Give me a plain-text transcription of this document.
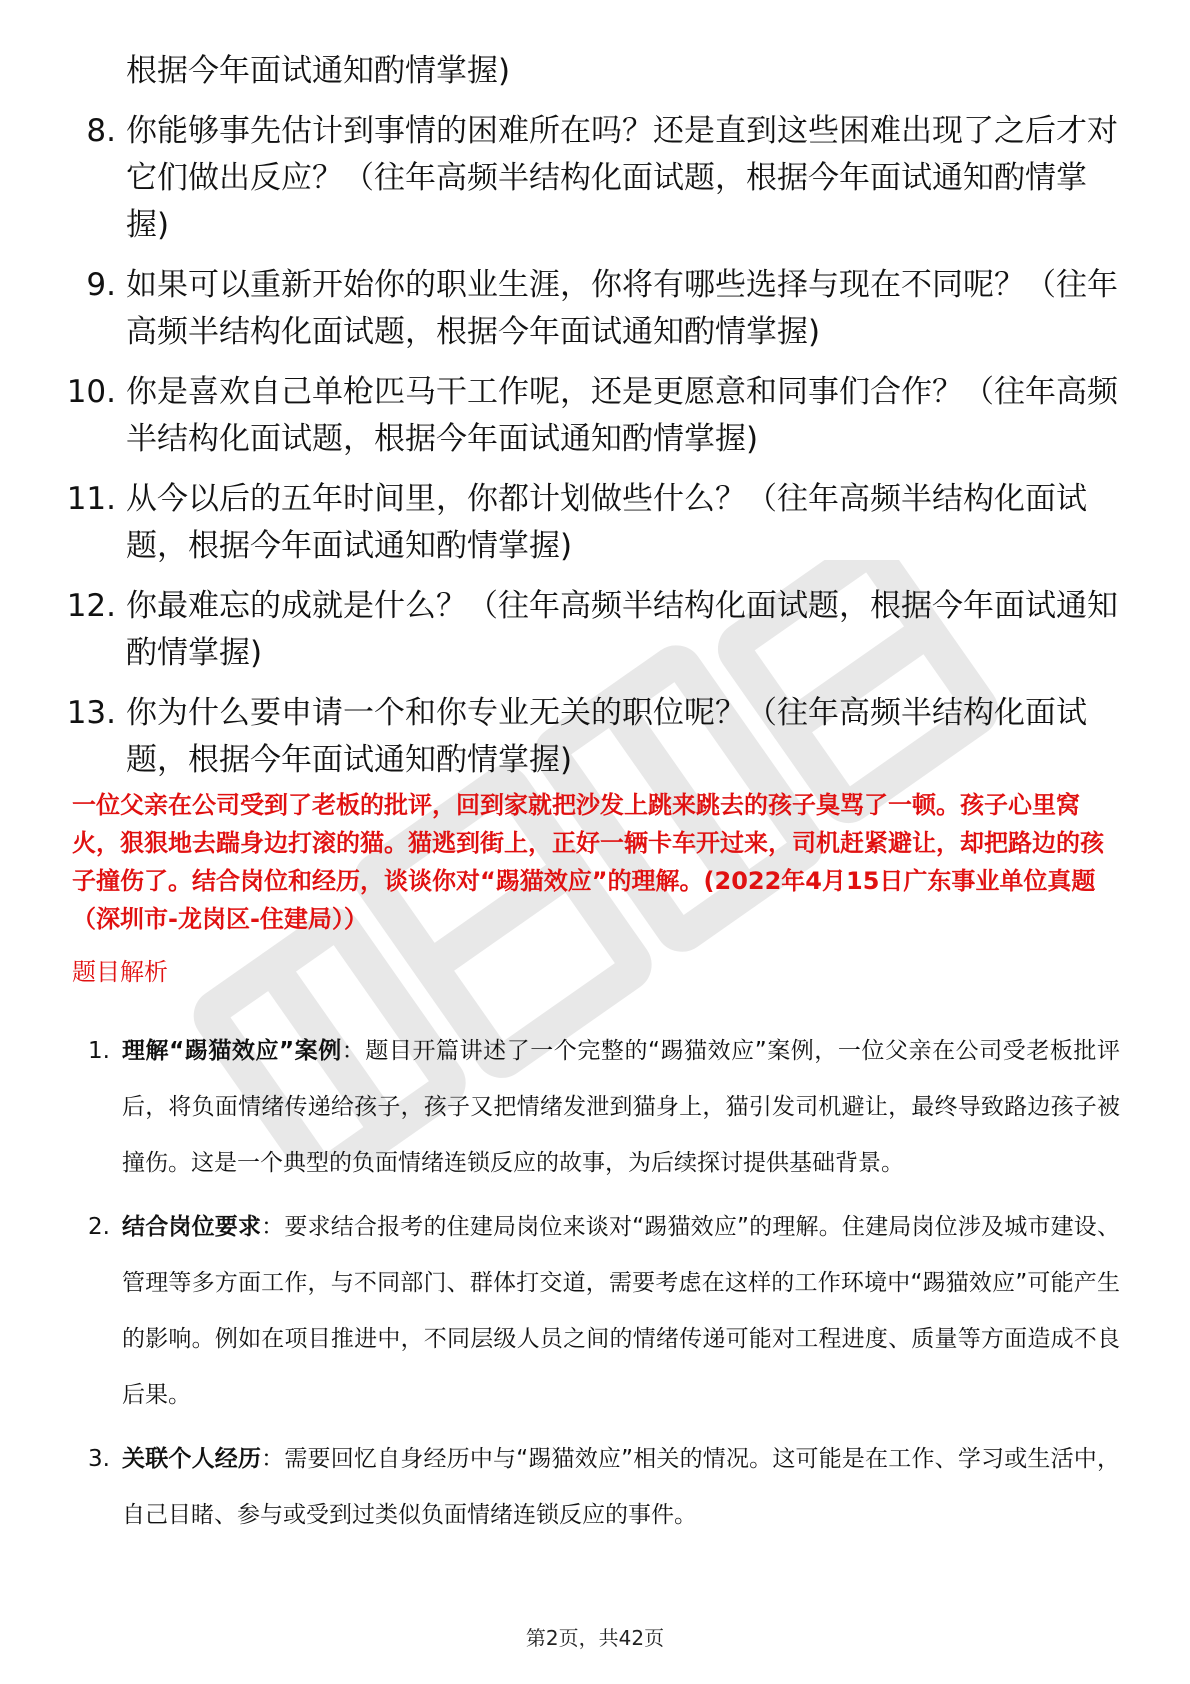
根据今年面试通知酌情掌握)
8. 你能够事先估计到事情的困难所在吗？还是直到这些困难出现了之后才对它们做出反应？（往年高频半结构化面试题，根据今年面试通知酌情掌握)
9. 如果可以重新开始你的职业生涯，你将有哪些选择与现在不同呢？（往年高频半结构化面试题，根据今年面试通知酌情掌握)
10. 你是喜欢自己单枪匹马干工作呢，还是更愿意和同事们合作？（往年高频半结构化面试题，根据今年面试通知酌情掌握)
11. 从今以后的五年时间里，你都计划做些什么？（往年高频半结构化面试题，根据今年面试通知酌情掌握)
12. 你最难忘的成就是什么？（往年高频半结构化面试题，根据今年面试通知酌情掌握)
13. 你为什么要申请一个和你专业无关的职位呢？（往年高频半结构化面试题，根据今年面试通知酌情掌握)
一位父亲在公司受到了老板的批评，回到家就把沙发上跳来跳去的孩子臭骂了一顿。孩子心里窝火，狠狠地去踹身边打滚的猫。猫逃到街上，正好一辆卡车开过来，司机赶紧避让，却把路边的孩子撞伤了。结合岗位和经历，谈谈你对“踢猫效应”的理解。(2022年4月15日广东事业单位真题（深圳市-龙岗区-住建局））
题目解析
1. 理解“踢猫效应”案例：题目开篇讲述了一个完整的“踢猫效应”案例，一位父亲在公司受老板批评后，将负面情绪传递给孩子，孩子又把情绪发泄到猫身上，猫引发司机避让，最终导致路边孩子被撞伤。这是一个典型的负面情绪连锁反应的故事，为后续探讨提供基础背景。
2. 结合岗位要求：要求结合报考的住建局岗位来谈对“踢猫效应”的理解。住建局岗位涉及城市建设、管理等多方面工作，与不同部门、群体打交道，需要考虑在这样的工作环境中“踢猫效应”可能产生的影响。例如在项目推进中，不同层级人员之间的情绪传递可能对工程进度、质量等方面造成不良后果。
3. 关联个人经历：需要回忆自身经历中与“踢猫效应”相关的情况。这可能是在工作、学习或生活中，自己目睹、参与或受到过类似负面情绪连锁反应的事件。
第2页，共42页
